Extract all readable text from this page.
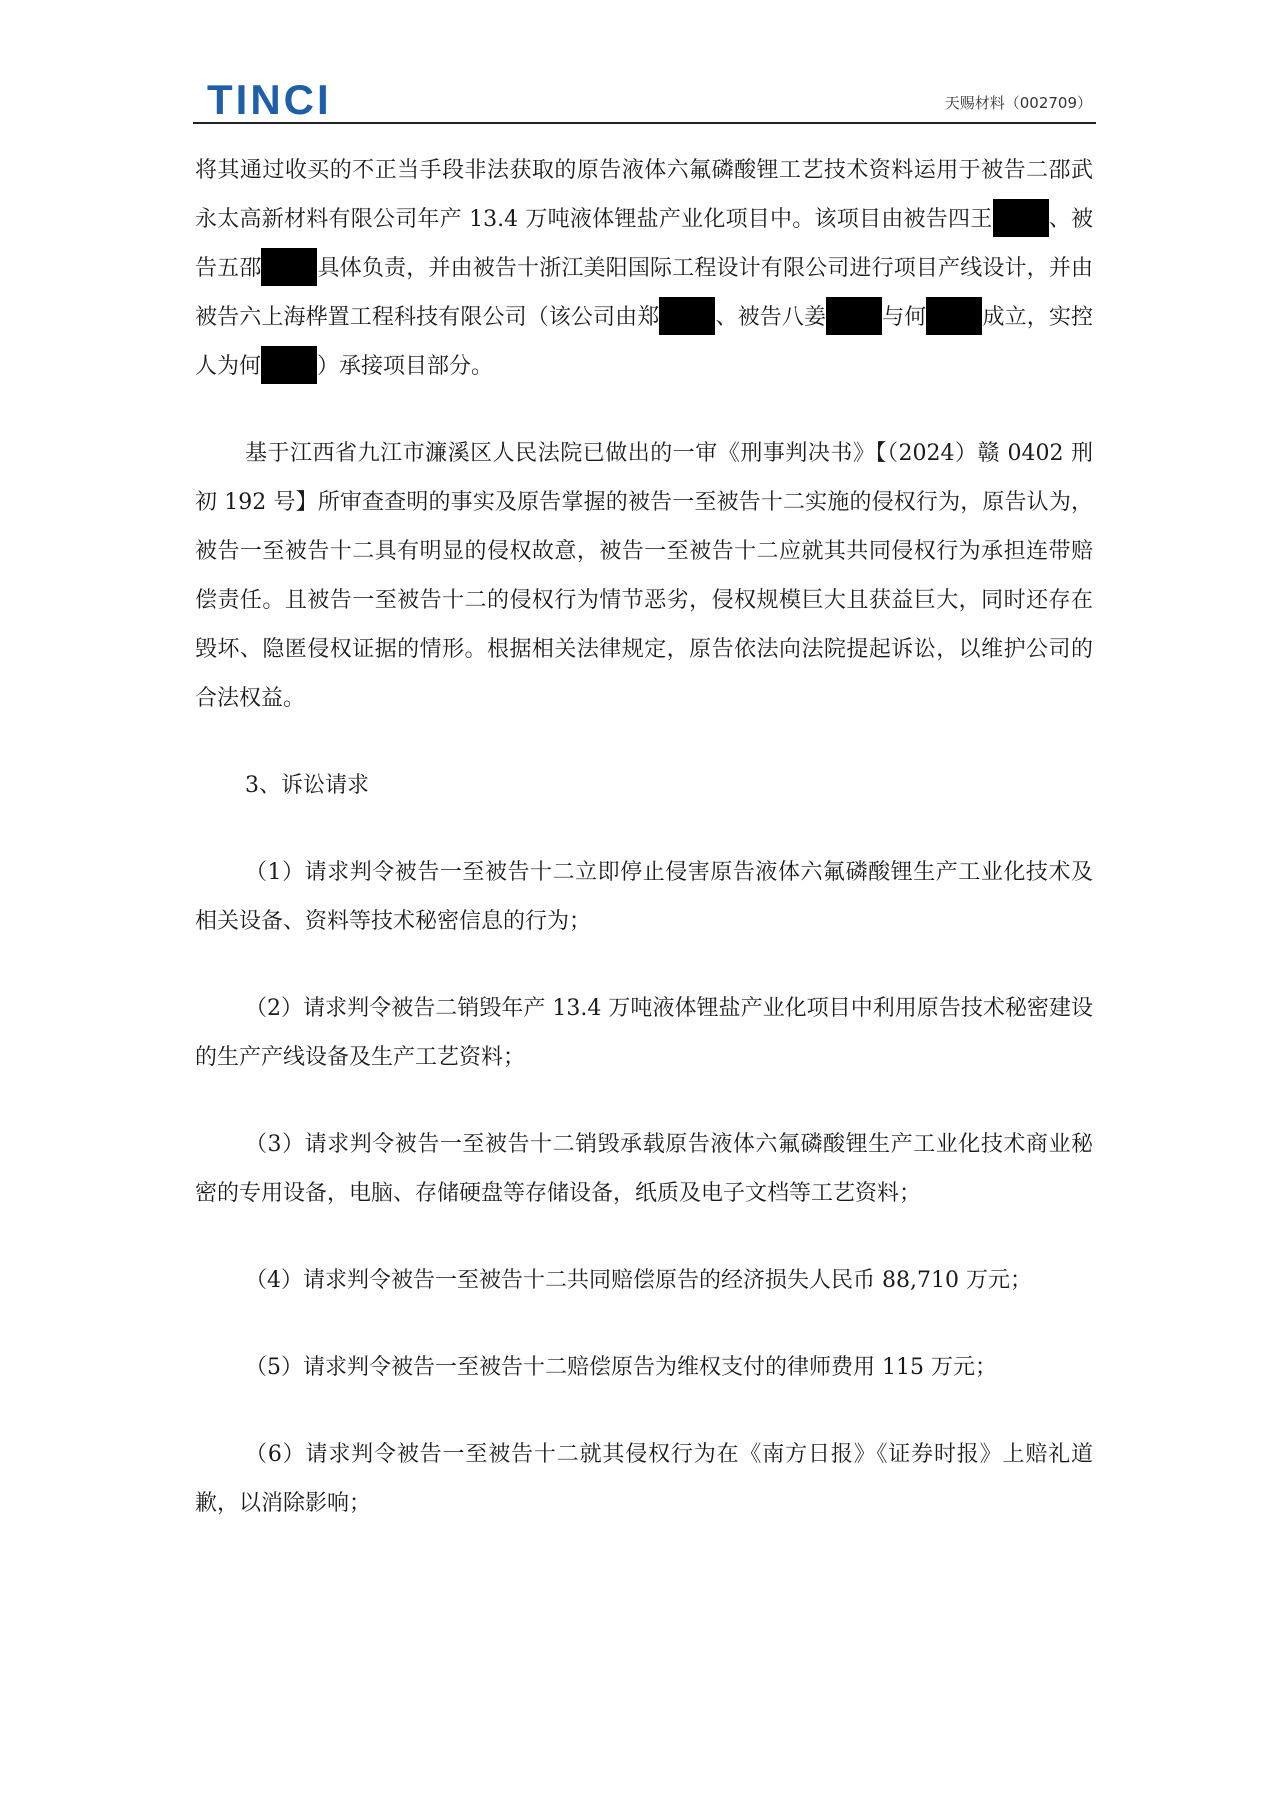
TINCI	天赐材料（002709）

将其通过收买的不正当手段非法获取的原告液体六氟磷酸锂工艺技术资料运用于被告二邵武永太高新材料有限公司年产 13.4 万吨液体锂盐产业化项目中。该项目由被告四王	、被告五邵	具体负责，并由被告十浙江美阳国际工程设计有限公司进行项目产线设计，并由被告六上海桦置工程科技有限公司（该公司由郑	、被告八姜	与何	成立，实控人为何	）承接项目部分。

基于江西省九江市濂溪区人民法院已做出的一审《刑事判决书》【（2024）赣 0402 刑初 192 号】所审查查明的事实及原告掌握的被告一至被告十二实施的侵权行为，原告认为，被告一至被告十二具有明显的侵权故意，被告一至被告十二应就其共同侵权行为承担连带赔偿责任。且被告一至被告十二的侵权行为情节恶劣，侵权规模巨大且获益巨大，同时还存在毁坏、隐匿侵权证据的情形。根据相关法律规定，原告依法向法院提起诉讼，以维护公司的合法权益。

3、诉讼请求

（1）请求判令被告一至被告十二立即停止侵害原告液体六氟磷酸锂生产工业化技术及相关设备、资料等技术秘密信息的行为；

（2）请求判令被告二销毁年产 13.4 万吨液体锂盐产业化项目中利用原告技术秘密建设的生产产线设备及生产工艺资料；

（3）请求判令被告一至被告十二销毁承载原告液体六氟磷酸锂生产工业化技术商业秘密的专用设备，电脑、存储硬盘等存储设备，纸质及电子文档等工艺资料；

（4）请求判令被告一至被告十二共同赔偿原告的经济损失人民币 88,710 万元；

（5）请求判令被告一至被告十二赔偿原告为维权支付的律师费用 115 万元；

（6）请求判令被告一至被告十二就其侵权行为在《南方日报》《证券时报》上赔礼道歉，以消除影响；
